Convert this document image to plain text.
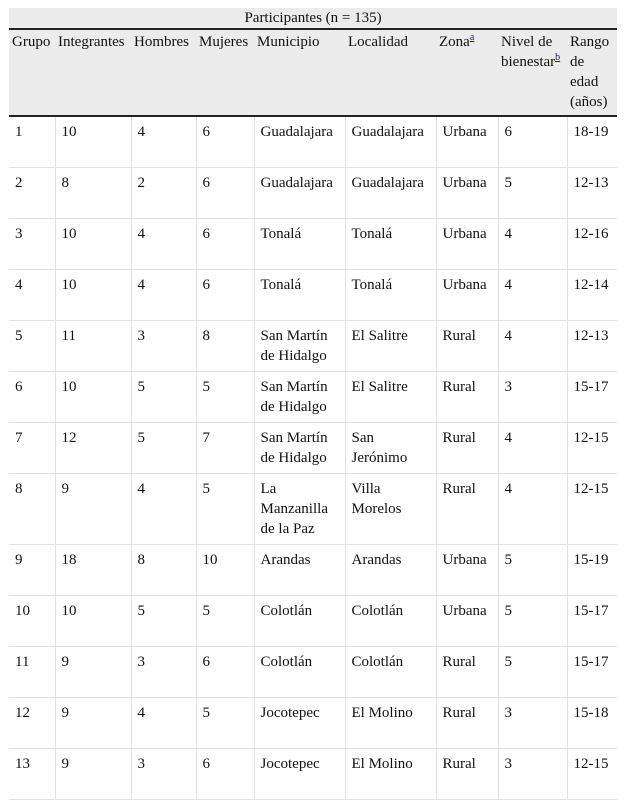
Participantes (n = 135)								
Grupo	Integrantes	Hombres	Mujeres	Municipio	Localidad	Zona$^a$	Nivel de bienestar$^b$	Rango de edad (años)
1	10	4	6	Guadalajara	Guadalajara	Urbana	6	18-19
2	8	2	6	Guadalajara	Guadalajara	Urbana	5	12-13
3	10	4	6	Tonalá	Tonalá	Urbana	4	12-16
4	10	4	6	Tonalá	Tonalá	Urbana	4	12-14
5	11	3	8	San Martín de Hidalgo	El Salitre	Rural	4	12-13
6	10	5	5	San Martín de Hidalgo	El Salitre	Rural	3	15-17
7	12	5	7	San Martín de Hidalgo	San Jerónimo	Rural	4	12-15
8	9	4	5	La Manzanilla de la Paz	Villa Morelos	Rural	4	12-15
9	18	8	10	Arandas	Arandas	Urbana	5	15-19
10	10	5	5	Colotlán	Colotlán	Urbana	5	15-17
11	9	3	6	Colotlán	Colotlán	Rural	5	15-17
12	9	4	5	Jocotepec	El Molino	Rural	3	15-18
13	9	3	6	Jocotepec	El Molino	Rural	3	12-15
